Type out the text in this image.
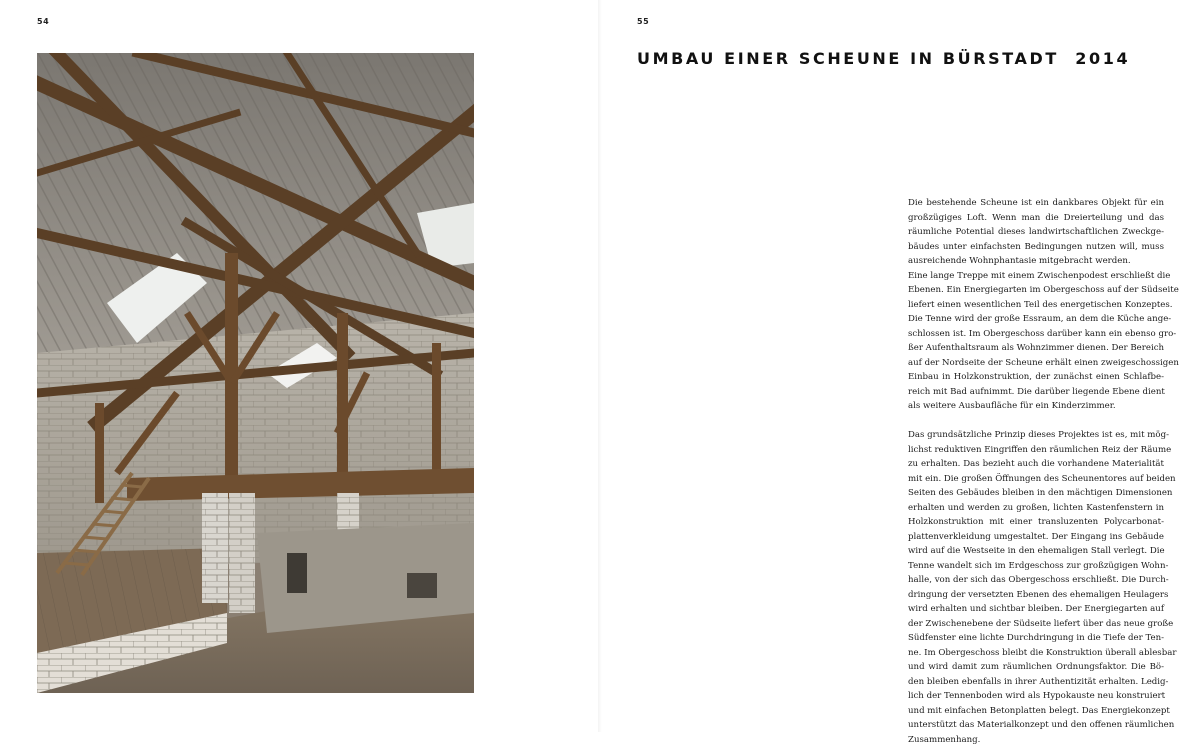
54	55
UMBAU EINER SCHEUNE IN BÜRSTADT  2014

Die bestehende Scheune ist ein dankbares Objekt für ein
großzügiges Loft. Wenn man die Dreierteilung und das
räumliche Potential dieses landwirtschaftlichen Zweckge-
bäudes unter einfachsten Bedingungen nutzen will, muss
ausreichende Wohnphantasie mitgebracht werden.
Eine lange Treppe mit einem Zwischenpodest erschließt die
Ebenen. Ein Energiegarten im Obergeschoss auf der Südseite
liefert einen wesentlichen Teil des energetischen Konzeptes.
Die Tenne wird der große Essraum, an dem die Küche ange-
schlossen ist. Im Obergeschoss darüber kann ein ebenso gro-
ßer Aufenthaltsraum als Wohnzimmer dienen. Der Bereich
auf der Nordseite der Scheune erhält einen zweigeschossigen
Einbau in Holzkonstruktion, der zunächst einen Schlafbe-
reich mit Bad aufnimmt. Die darüber liegende Ebene dient
als weitere Ausbaufläche für ein Kinderzimmer.

Das grundsätzliche Prinzip dieses Projektes ist es, mit mög-
lichst reduktiven Eingriffen den räumlichen Reiz der Räume
zu erhalten. Das bezieht auch die vorhandene Materialität
mit ein. Die großen Öffnungen des Scheunentores auf beiden
Seiten des Gebäudes bleiben in den mächtigen Dimensionen
erhalten und werden zu großen, lichten Kastenfenstern in
Holzkonstruktion mit einer transluzenten Polycarbonat-
plattenverkleidung umgestaltet. Der Eingang ins Gebäude
wird auf die Westseite in den ehemaligen Stall verlegt. Die
Tenne wandelt sich im Erdgeschoss zur großzügigen Wohn-
halle, von der sich das Obergeschoss erschließt. Die Durch-
dringung der versetzten Ebenen des ehemaligen Heulagers
wird erhalten und sichtbar bleiben. Der Energiegarten auf
der Zwischenebene der Südseite liefert über das neue große
Südfenster eine lichte Durchdringung in die Tiefe der Ten-
ne. Im Obergeschoss bleibt die Konstruktion überall ablesbar
und wird damit zum räumlichen Ordnungsfaktor. Die Bö-
den bleiben ebenfalls in ihrer Authentizität erhalten. Ledig-
lich der Tennenboden wird als Hypokauste neu konstruiert
und mit einfachen Betonplatten belegt. Das Energiekonzept
unterstützt das Materialkonzept und den offenen räumlichen
Zusammenhang.
